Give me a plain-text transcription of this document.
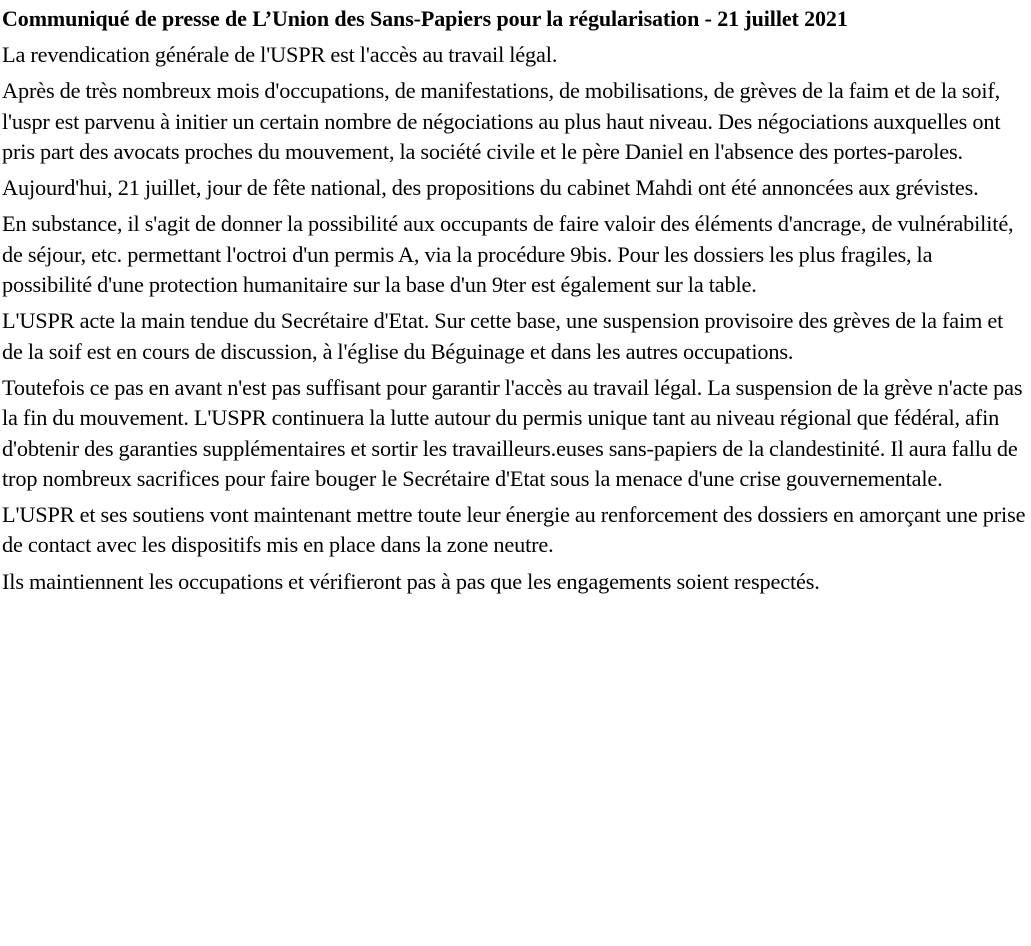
Communiqué de presse de L’Union des Sans-Papiers pour la régularisation - 21 juillet 2021

La revendication générale de l'USPR est l'accès au travail légal.

Après de très nombreux mois d'occupations, de manifestations, de mobilisations, de grèves de la faim et de la soif, l'uspr est parvenu à initier un certain nombre de négociations au plus haut niveau. Des négociations auxquelles ont pris part des avocats proches du mouvement, la société civile et le père Daniel en l'absence des portes-paroles.

Aujourd'hui, 21 juillet, jour de fête national, des propositions du cabinet Mahdi ont été annoncées aux grévistes.

En substance, il s'agit de donner la possibilité aux occupants de faire valoir des éléments d'ancrage, de vulnérabilité, de séjour, etc. permettant l'octroi d'un permis A, via la procédure 9bis. Pour les dossiers les plus fragiles, la possibilité d'une protection humanitaire sur la base d'un 9ter est également sur la table.

L'USPR acte la main tendue du Secrétaire d'Etat. Sur cette base, une suspension provisoire des grèves de la faim et de la soif est en cours de discussion, à l'église du Béguinage et dans les autres occupations.

Toutefois ce pas en avant n'est pas suffisant pour garantir l'accès au travail légal. La suspension de la grève n'acte pas la fin du mouvement. L'USPR continuera la lutte autour du permis unique tant au niveau régional que fédéral, afin d'obtenir des garanties supplémentaires et sortir les travailleurs.euses sans-papiers de la clandestinité. Il aura fallu de trop nombreux sacrifices pour faire bouger le Secrétaire d'Etat sous la menace d'une crise gouvernementale.

L'USPR et ses soutiens vont maintenant mettre toute leur énergie au renforcement des dossiers en amorçant une prise de contact avec les dispositifs mis en place dans la zone neutre.

Ils maintiennent les occupations et vérifieront pas à pas que les engagements soient respectés.
